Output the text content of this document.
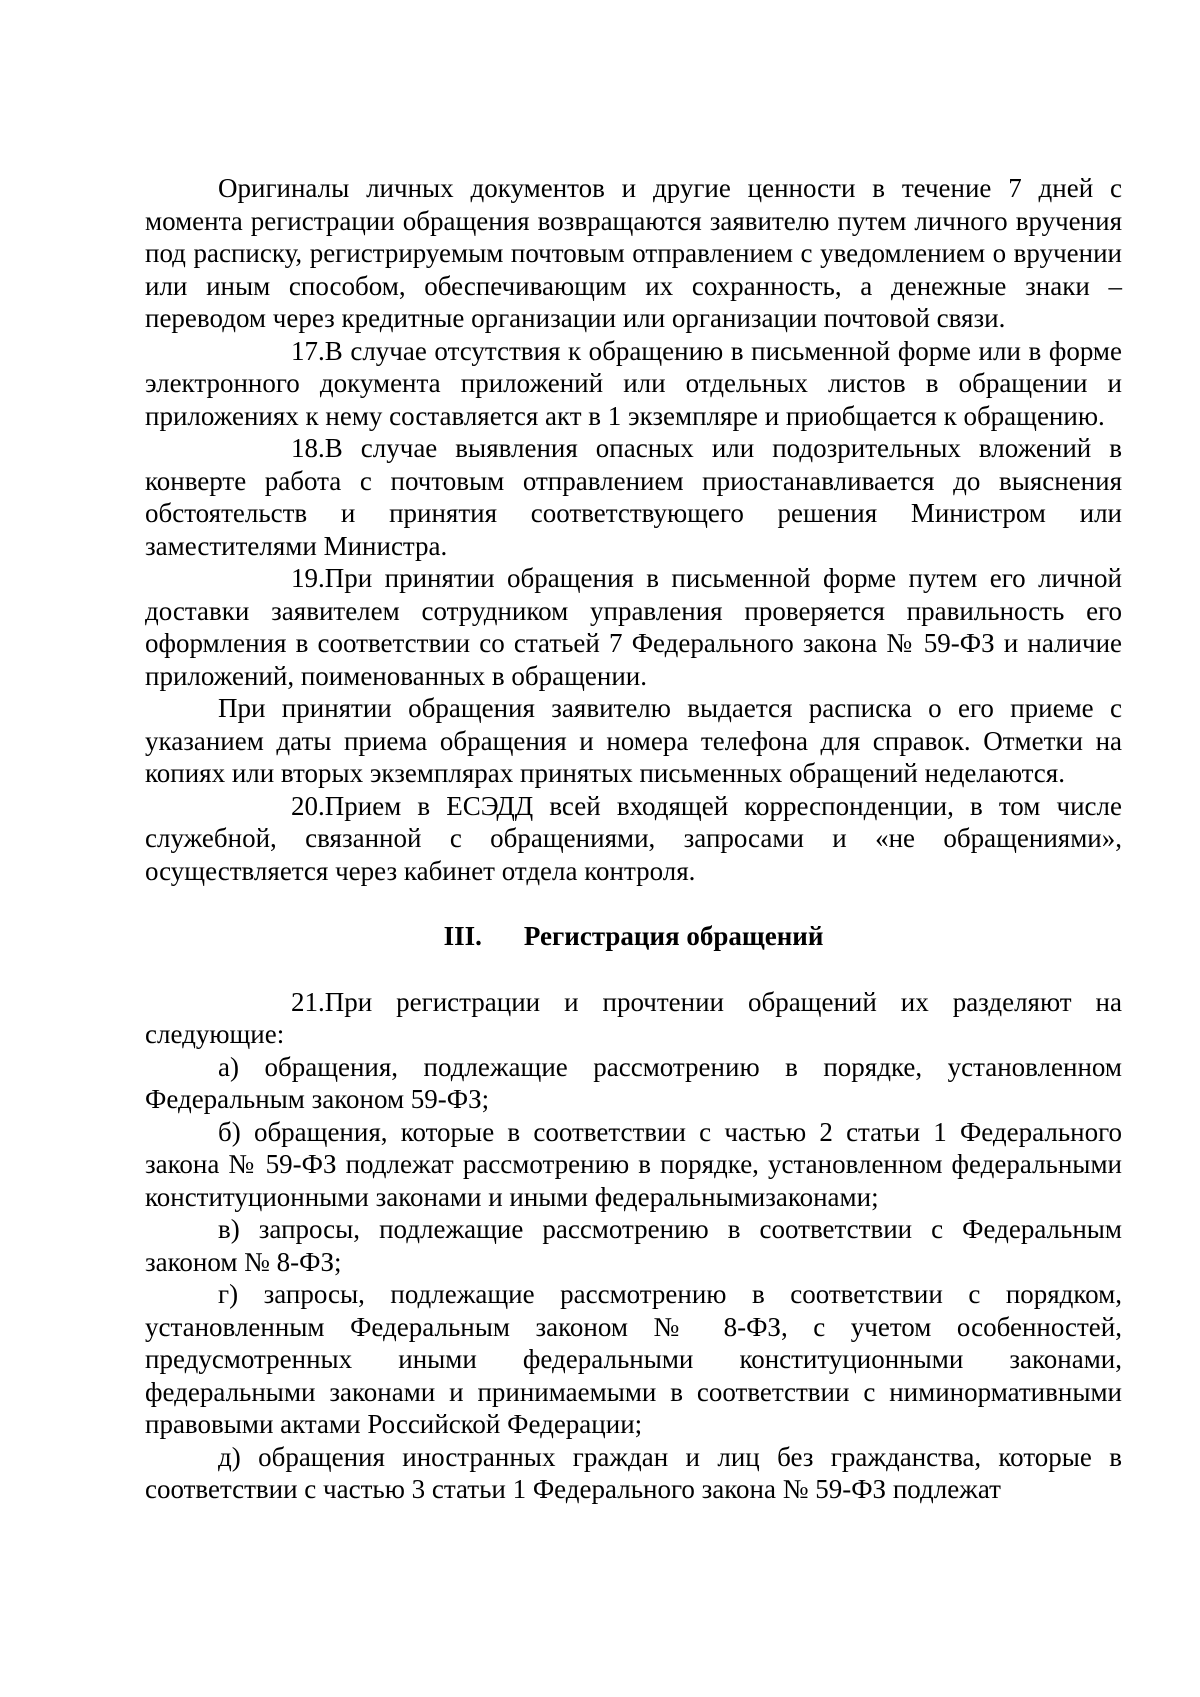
Оригиналы личных документов и другие ценности в течение 7 дней с момента регистрации обращения возвращаются заявителю путем личного вручения под расписку, регистрируемым почтовым отправлением с уведомлением о вручении или иным способом, обеспечивающим их сохранность, а денежные знаки – переводом через кредитные организации или организации почтовой связи.

17.В случае отсутствия к обращению в письменной форме или в форме электронного документа приложений или отдельных листов в обращении и приложениях к нему составляется акт в 1 экземпляре и приобщается к обращению.

18.В случае выявления опасных или подозрительных вложений в конверте работа с почтовым отправлением приостанавливается до выяснения обстоятельств и принятия соответствующего решения Министром или заместителями Министра.

19.При принятии обращения в письменной форме путем его личной доставки заявителем сотрудником управления проверяется правильность его оформления в соответствии со статьей 7 Федерального закона № 59-ФЗ и наличие приложений, поименованных в обращении.

При принятии обращения заявителю выдается расписка о его приеме с указанием даты приема обращения и номера телефона для справок. Отметки на копиях или вторых экземплярах принятых письменных обращений неделаются.

20.Прием в ЕСЭДД всей входящей корреспонденции, в том числе служебной, связанной с обращениями, запросами и «не обращениями», осуществляется через кабинет отдела контроля.

III. Регистрация обращений

21.При регистрации и прочтении обращений их разделяют на следующие:

а) обращения, подлежащие рассмотрению в порядке, установленном Федеральным законом 59-ФЗ;

б) обращения, которые в соответствии с частью 2 статьи 1 Федерального закона № 59-ФЗ подлежат рассмотрению в порядке, установленном федеральными конституционными законами и иными федеральнымизаконами;

в) запросы, подлежащие рассмотрению в соответствии с Федеральным законом № 8-ФЗ;

г) запросы, подлежащие рассмотрению в соответствии с порядком, установленным Федеральным законом № 8-ФЗ, с учетом особенностей, предусмотренных иными федеральными конституционными законами, федеральными законами и принимаемыми в соответствии с ниминормативными правовыми актами Российской Федерации;

д) обращения иностранных граждан и лиц без гражданства, которые в соответствии с частью 3 статьи 1 Федерального закона № 59-ФЗ подлежат
